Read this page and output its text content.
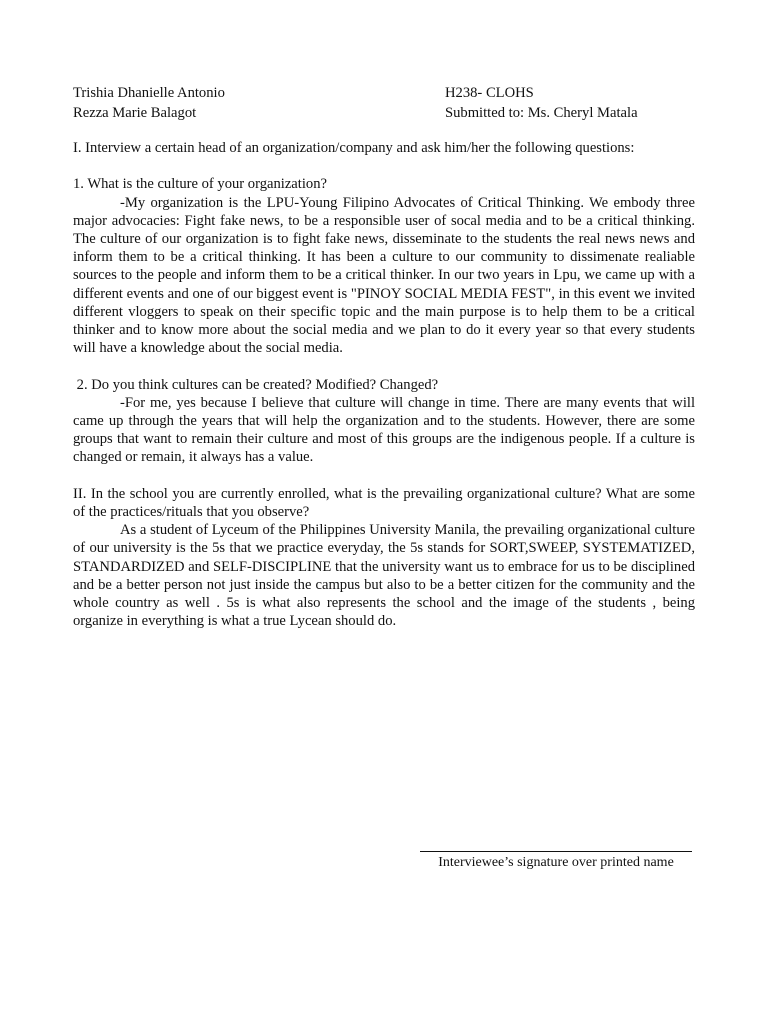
Trishia Dhanielle Antonio
Rezza Marie Balagot
H238- CLOHS
Submitted to: Ms. Cheryl Matala

I. Interview a certain head of an organization/company and ask him/her the following questions:

1. What is the culture of your organization?

-My organization is the LPU-Young Filipino Advocates of Critical Thinking. We embody three major advocacies: Fight fake news, to be a responsible user of socal media and to be a critical thinking. The culture of our organization is to fight fake news, disseminate to the students the real news news and inform them to be a critical thinking. It has been a culture to our community to dissimenate realiable sources to the people and inform them to be a critical thinker. In our two years in Lpu, we came up with a different events and one of our biggest event is "PINOY SOCIAL MEDIA FEST", in this event we invited different vloggers to speak on their specific topic and the main purpose is to help them to be a critical thinker and to know more about the social media and we plan to do it every year so that every students will have a knowledge about the social media.

2. Do you think cultures can be created? Modified? Changed?

-For me, yes because I believe that culture will change in time. There are many events that will came up through the years that will help the organization and to the students. However, there are some groups that want to remain their culture and most of this groups are the indigenous people. If a culture is changed or remain, it always has a value.

II. In the school you are currently enrolled, what is the prevailing organizational culture? What are some of the practices/rituals that you observe?

As a student of Lyceum of the Philippines University Manila, the prevailing organizational culture of our university is the 5s that we practice everyday, the 5s stands for SORT,SWEEP, SYSTEMATIZED, STANDARDIZED and SELF-DISCIPLINE that the university want us to embrace for us to be disciplined and be a better person not just inside the campus but also to be a better citizen for the community and the whole country as well . 5s is what also represents the school and the image of the students , being organize in everything is what a true Lycean should do.

Interviewee’s signature over printed name
